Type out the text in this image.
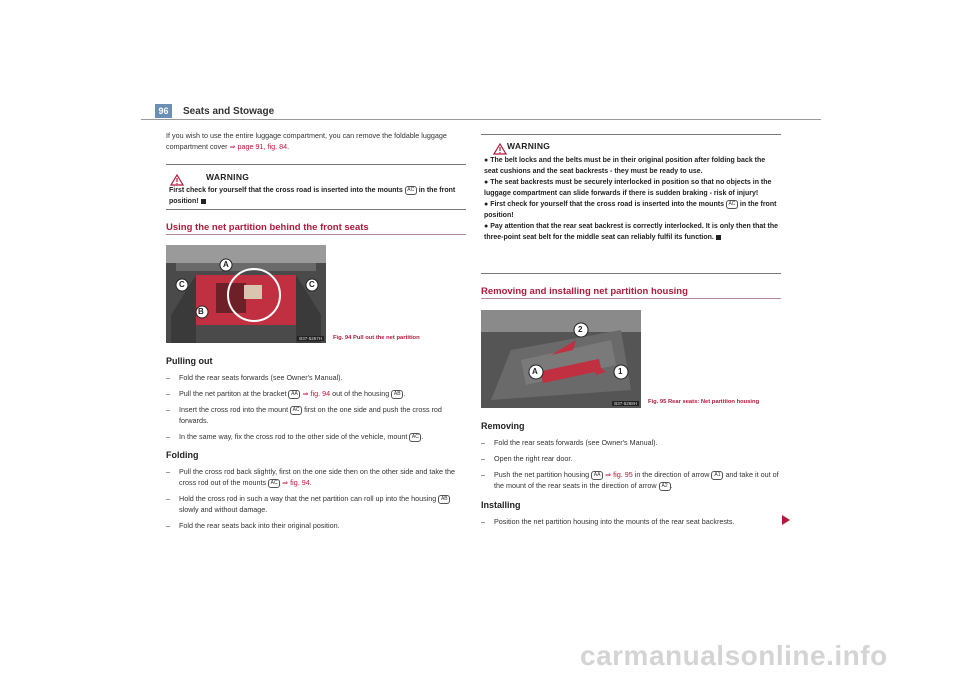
96	Seats and Stowage
If you wish to use the entire luggage compartment, you can remove the foldable luggage compartment cover ⇒ page 91, fig. 84.
WARNING
First check for yourself that the cross road is inserted into the mounts AC in the front position!
Using the net partition behind the front seats
A
B
C	C
B37-5267H	Fig. 94 Pull out the net partition
Pulling out
– Fold the rear seats forwards (see Owner's Manual).
– Pull the net partiton at the bracket AA ⇒ fig. 94 out of the housing AB .
– Insert the cross rod into the mount AC first on the one side and push the cross rod forwards.
– In the same way, fix the cross rod to the other side of the vehicle, mount AC .
Folding
– Pull the cross rod back slightly, first on the one side then on the other side and take the cross rod out of the mounts AC ⇒ fig. 94.
– Hold the cross rod in such a way that the net partition can roll up into the housing AB slowly and without damage.
– Fold the rear seats back into their original position.
WARNING
● The belt locks and the belts must be in their original position after folding back the seat cushions and the seat backrests - they must be ready to use.
● The seat backrests must be securely interlocked in position so that no objects in the luggage compartment can slide forwards if there is sudden braking - risk of injury!
● First check for yourself that the cross road is inserted into the mounts AC in the front position!
● Pay attention that the rear seat backrest is correctly interlocked. It is only then that the three-point seat belt for the middle seat can reliably fulfil its function.
Removing and installing net partition housing
A	1
2
B37-5268H	Fig. 95 Rear seats: Net partition housing
Removing
– Fold the rear seats forwards (see Owner's Manual).
– Open the right rear door.
– Push the net partition housing AA ⇒ fig. 95 in the direction of arrow A1 and take it out of the mount of the rear seats in the direction of arrow A2 .
Installing
– Position the net partition housing into the mounts of the rear seat backrests.
carmanualsonline.info
